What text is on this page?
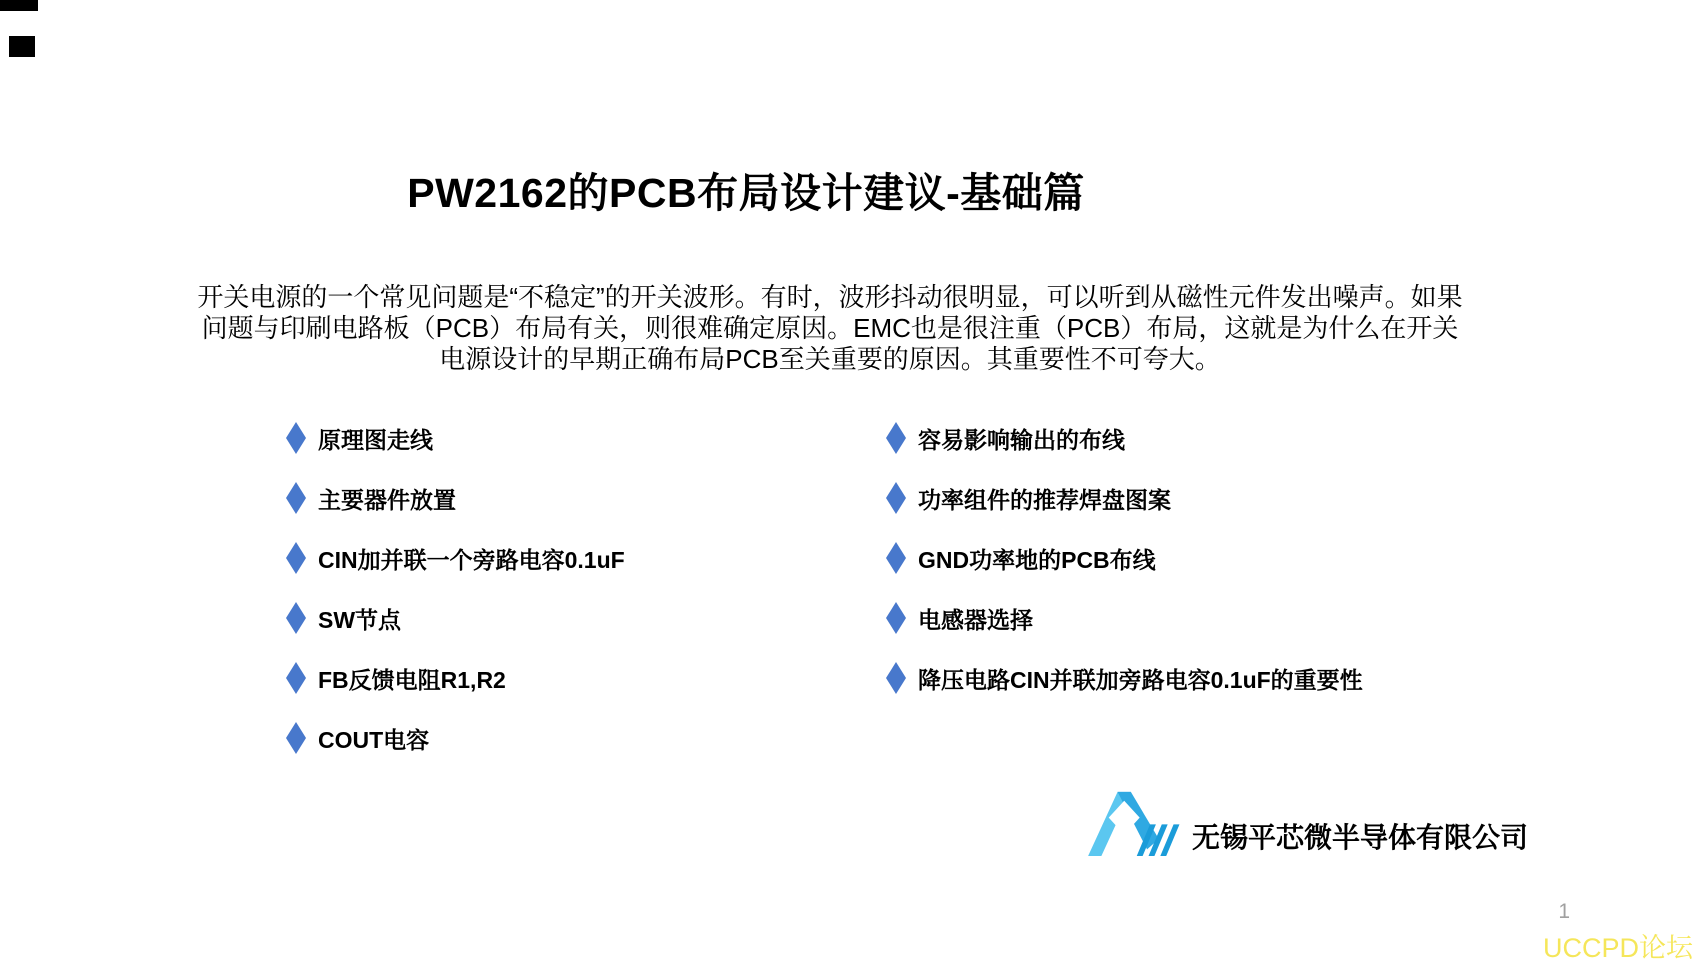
PW2162的PCB布局设计建议-基础篇
开关电源的一个常见问题是“不稳定”的开关波形。有时，波形抖动很明显，可以听到从磁性元件发出噪声。如果问题与印刷电路板（PCB）布局有关，则很难确定原因。EMC也是很注重（PCB）布局，这就是为什么在开关电源设计的早期正确布局PCB至关重要的原因。其重要性不可夸大。
原理图走线
主要器件放置
CIN加并联一个旁路电容0.1uF
SW节点
FB反馈电阻R1,R2
COUT电容
容易影响输出的布线
功率组件的推荐焊盘图案
GND功率地的PCB布线
电感器选择
降压电路CIN并联加旁路电容0.1uF的重要性
无锡平芯微半导体有限公司
1
UCCPD论坛
